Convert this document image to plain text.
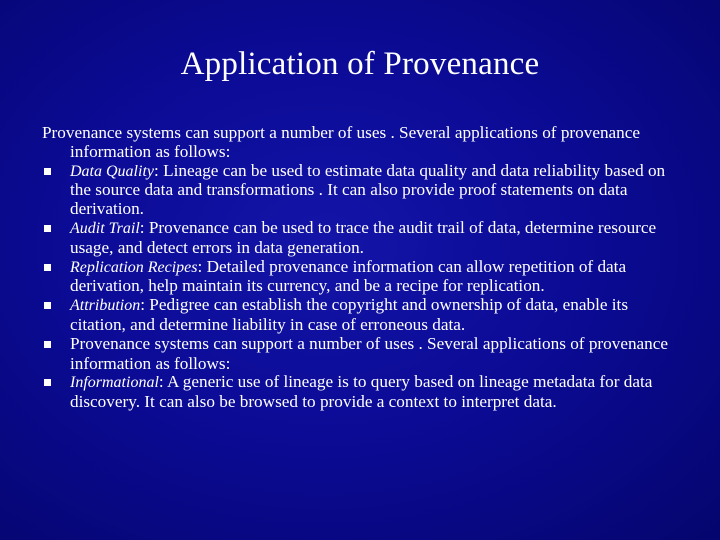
Application of Provenance

Provenance systems can support a number of uses . Several applications of provenance information as follows:

Data Quality: Lineage can be used to estimate data quality and data reliability based on the source data and transformations . It can also provide proof statements on data derivation.
Audit Trail: Provenance can be used to trace the audit trail of data, determine resource usage, and detect errors in data generation.
Replication Recipes: Detailed provenance information can allow repetition of data derivation, help maintain its currency, and be a recipe for replication.
Attribution: Pedigree can establish the copyright and ownership of data, enable its citation, and determine liability in case of erroneous data.
Provenance systems can support a number of uses . Several applications of provenance information as follows:
Informational: A generic use of lineage is to query based on lineage metadata for data discovery. It can also be browsed to provide a context to interpret data.
